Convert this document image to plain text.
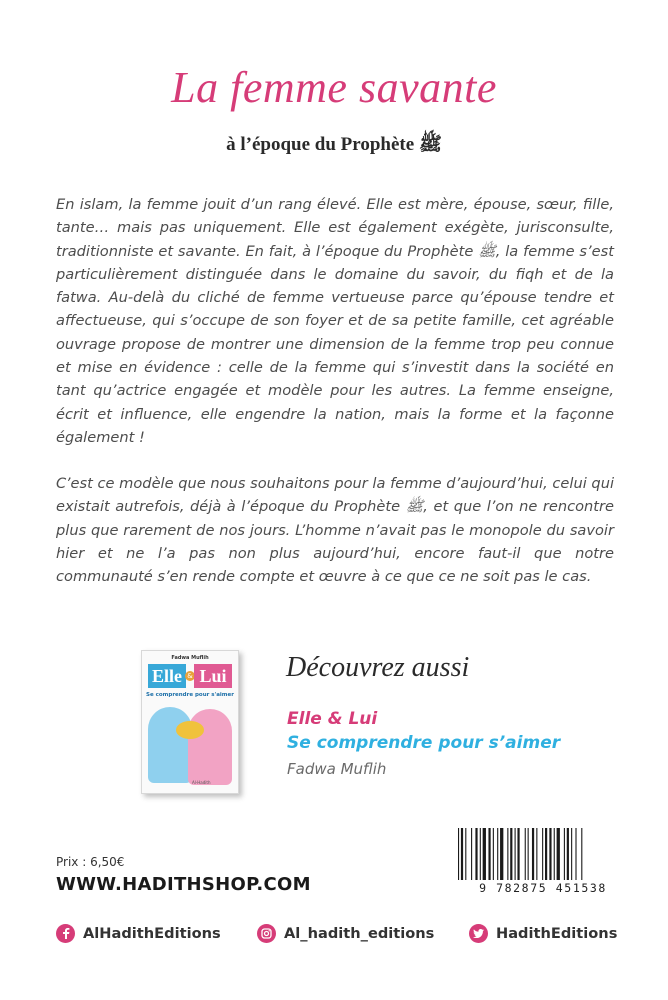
La femme savante
à l’époque du Prophète ﷺ
En islam, la femme jouit d’un rang élevé. Elle est mère, épouse, sœur, fille, tante… mais pas uniquement. Elle est également exégète, jurisconsulte, traditionniste et savante. En fait, à l’époque du Prophète ﷺ, la femme s’est particulièrement distinguée dans le domaine du savoir, du fiqh et de la fatwa. Au-delà du cliché de femme vertueuse parce qu’épouse tendre et affectueuse, qui s’occupe de son foyer et de sa petite famille, cet agréable ouvrage propose de montrer une dimension de la femme trop peu connue et mise en évidence : celle de la femme qui s’investit dans la société en tant qu’actrice engagée et modèle pour les autres. La femme enseigne, écrit et influence, elle engendre la nation, mais la forme et la façonne également !
C’est ce modèle que nous souhaitons pour la femme d’aujourd’hui, celui qui existait autrefois, déjà à l’époque du Prophète ﷺ, et que l’on ne rencontre plus que rarement de nos jours. L’homme n’avait pas le monopole du savoir hier et ne l’a pas non plus aujourd’hui, encore faut-il que notre communauté s’en rende compte et œuvre à ce que ce ne soit pas le cas.
Fadwa Muflih
Elle & Lui
Se comprendre pour s'aimer
Al-Hadith
Découvrez aussi
Elle & Lui
Se comprendre pour s’aimer
Fadwa Muflih
Prix : 6,50€
WWW.HADITHSHOP.COM	9 782875 451538
AlHadithEditions	Al_hadith_editions	HadithEditions
